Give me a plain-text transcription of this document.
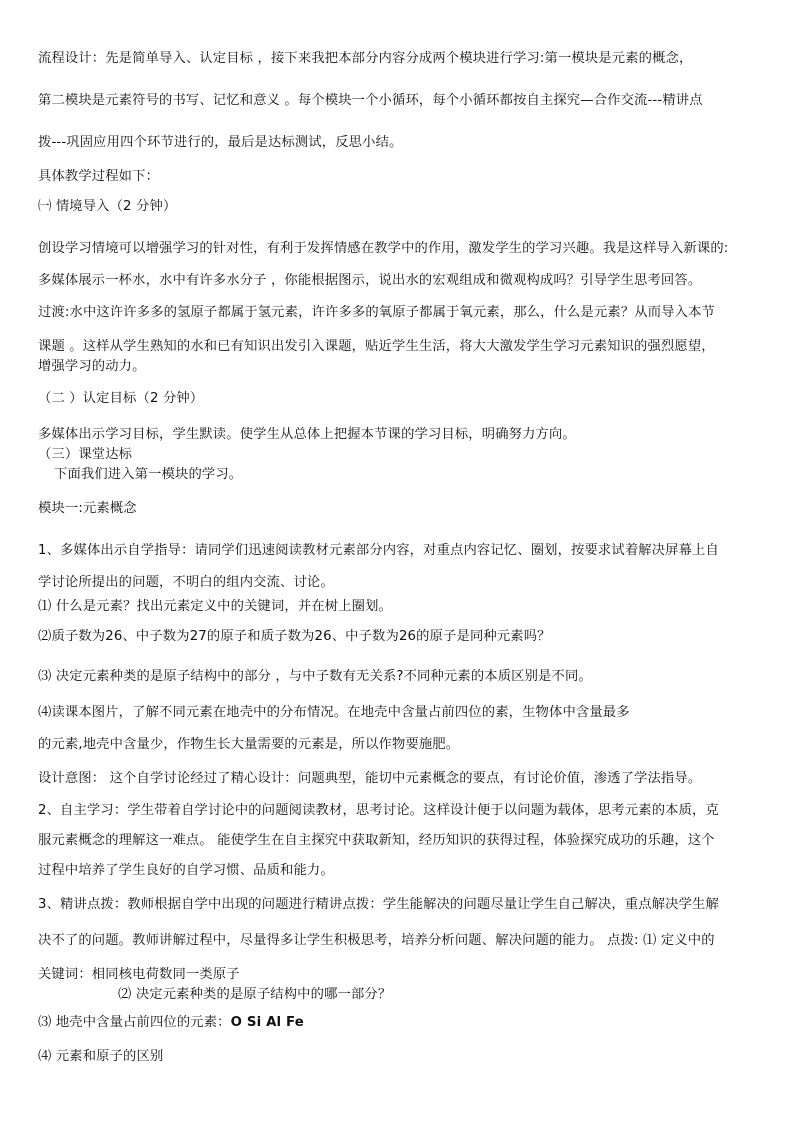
流程设计：先是简单导入、认定目标 ，接下来我把本部分内容分成两个模块进行学习:第一模块是元素的概念，
第二模块是元素符号的书写、记忆和意义 。每个模块一个小循环，每个小循环都按自主探究—合作交流---精讲点
拨---巩固应用四个环节进行的，最后是达标测试，反思小结。
具体教学过程如下：
㈠ 情境导入（2 分钟）
创设学习情境可以增强学习的针对性，有利于发挥情感在教学中的作用，激发学生的学习兴趣。我是这样导入新课的:
多媒体展示一杯水，水中有许多水分子 ，你能根据图示，说出水的宏观组成和微观构成吗？引导学生思考回答。
过渡:水中这许许多多的氢原子都属于氢元素，许许多多的氧原子都属于氧元素，那么，什么是元素？从而导入本节
课题 。这样从学生熟知的水和已有知识出发引入课题，贴近学生生活，将大大激发学生学习元素知识的强烈愿望，
增强学习的动力。
（二 ）认定目标（2 分钟）
多媒体出示学习目标，学生默读。使学生从总体上把握本节课的学习目标，明确努力方向。
（三）课堂达标
下面我们进入第一模块的学习。
模块一:元素概念
1、多媒体出示自学指导：请同学们迅速阅读教材元素部分内容，对重点内容记忆、圈划，按要求试着解决屏幕上自
学讨论所提出的问题，不明白的组内交流、讨论。
⑴ 什么是元素？找出元素定义中的关键词，并在树上圈划。
⑵质子数为26、中子数为27的原子和质子数为26、中子数为26的原子是同种元素吗？
⑶ 决定元素种类的是原子结构中的部分 ，与中子数有无关系?不同种元素的本质区别是不同。
⑷读课本图片，了解不同元素在地壳中的分布情况。在地壳中含量占前四位的素，生物体中含量最多
的元素,地壳中含量少，作物生长大量需要的元素是，所以作物要施肥。
设计意图： 这个自学讨论经过了精心设计：问题典型，能切中元素概念的要点，有讨论价值，渗透了学法指导。
2、自主学习：学生带着自学讨论中的问题阅读教材，思考讨论。这样设计便于以问题为载体，思考元素的本质，克
服元素概念的理解这一难点。 能使学生在自主探究中获取新知，经历知识的获得过程，体验探究成功的乐趣，这个
过程中培养了学生良好的自学习惯、品质和能力。
3、精讲点拨：教师根据自学中出现的问题进行精讲点拨：学生能解决的问题尽量让学生自己解决，重点解决学生解
决不了的问题。教师讲解过程中，尽量得多让学生积极思考，培养分析问题、解决问题的能力。 点拨: ⑴ 定义中的
关键词：相同核电荷数同一类原子
⑵ 决定元素种类的是原子结构中的哪一部分？
⑶ 地壳中含量占前四位的元素：O Si Al Fe
⑷ 元素和原子的区别
